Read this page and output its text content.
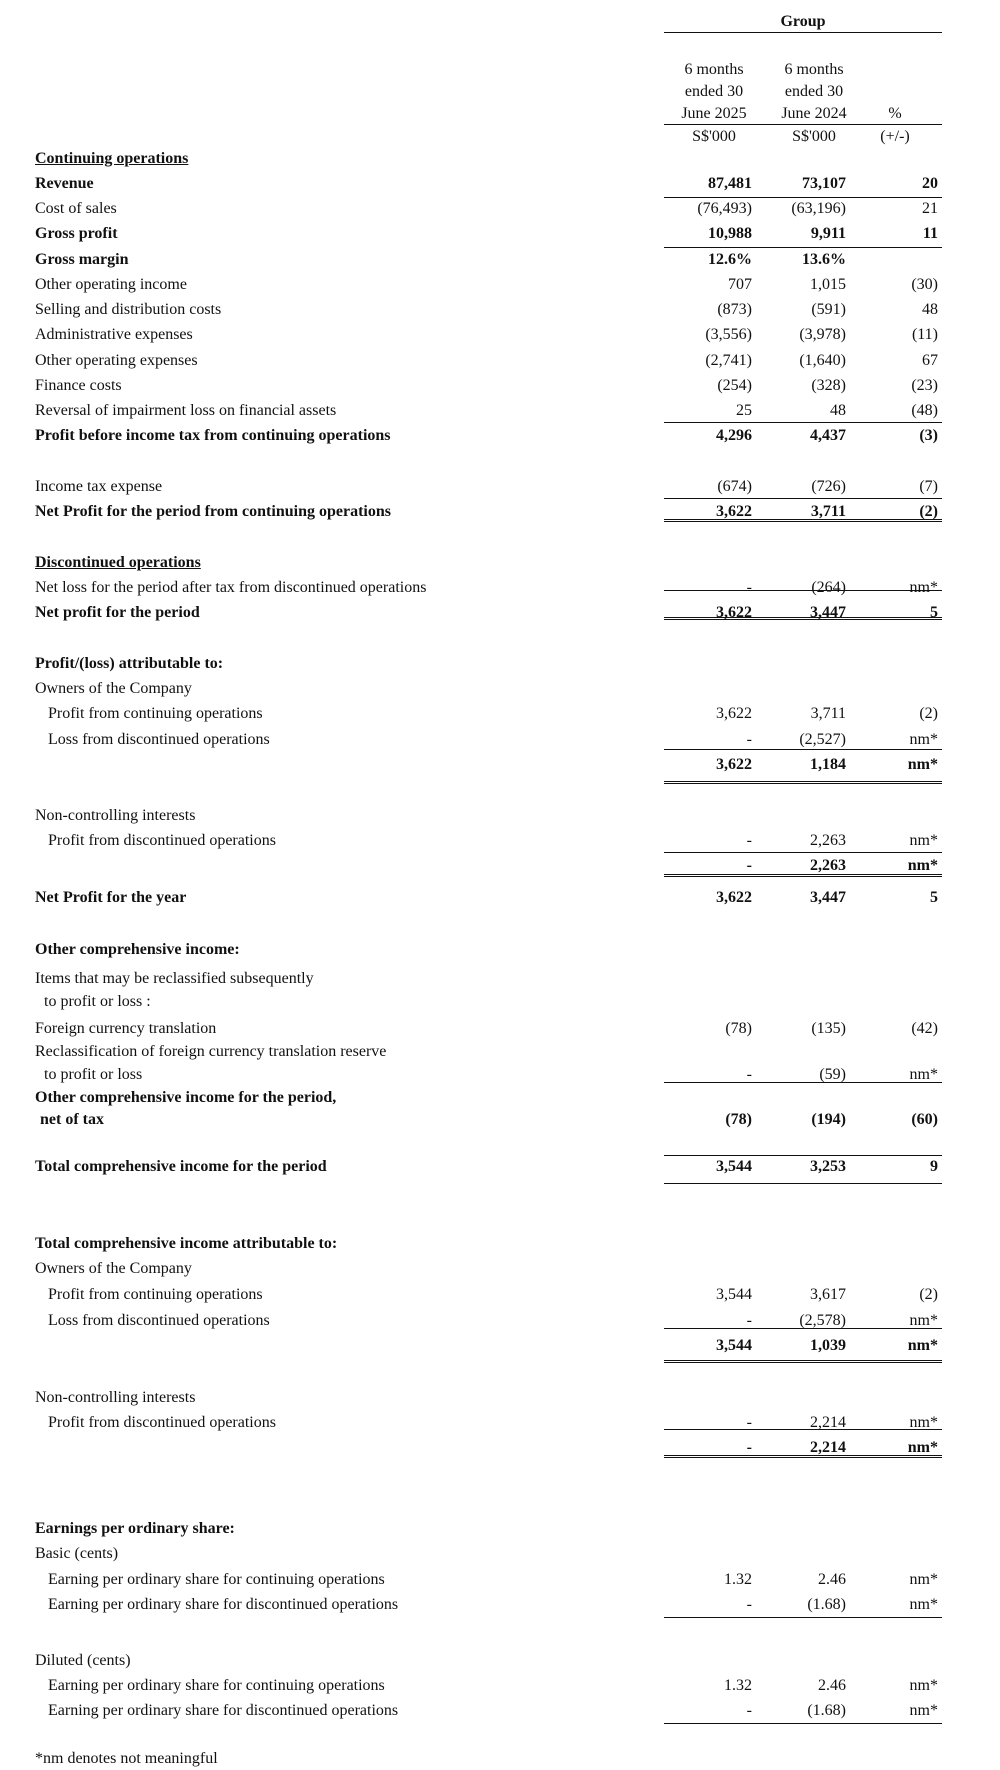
Group
6 months
ended 30
June 2025
S$'000
6 months
ended 30
June 2024
S$'000
%
(+/-)
Continuing operations
Revenue	87,481	73,107	20
Cost of sales	(76,493)	(63,196)	21
Gross profit	10,988	9,911	11
Gross margin	12.6%	13.6%
Other operating income	707	1,015	(30)
Selling and distribution costs	(873)	(591)	48
Administrative expenses	(3,556)	(3,978)	(11)
Other operating expenses	(2,741)	(1,640)	67
Finance costs	(254)	(328)	(23)
Reversal of impairment loss on financial assets	25	48	(48)
Profit before income tax from continuing operations	4,296	4,437	(3)
Income tax expense	(674)	(726)	(7)
Net Profit for the period from continuing operations	3,622	3,711	(2)
Discontinued operations
Net loss for the period after tax from discontinued operations	-	(264)	nm*
Net profit for the period	3,622	3,447	5
Profit/(loss) attributable to:
Owners of the Company
Profit from continuing operations	3,622	3,711	(2)
Loss from discontinued operations	-	(2,527)	nm*
3,622	1,184	nm*
Non-controlling interests
Profit from discontinued operations	-	2,263	nm*
-	2,263	nm*
Net Profit for the year	3,622	3,447	5
Other comprehensive income:
Items that may be reclassified subsequently
to profit or loss :
Foreign currency translation	(78)	(135)	(42)
Reclassification of foreign currency translation reserve
to profit or loss	-	(59)	nm*
Other comprehensive income for the period,
net of tax	(78)	(194)	(60)
Total comprehensive income for the period	3,544	3,253	9
Total comprehensive income attributable to:
Owners of the Company
Profit from continuing operations	3,544	3,617	(2)
Loss from discontinued operations	-	(2,578)	nm*
3,544	1,039	nm*
Non-controlling interests
Profit from discontinued operations	-	2,214	nm*
-	2,214	nm*
Earnings per ordinary share:
Basic (cents)
Earning per ordinary share for continuing operations	1.32	2.46	nm*
Earning per ordinary share for discontinued operations	-	(1.68)	nm*
Diluted (cents)
Earning per ordinary share for continuing operations	1.32	2.46	nm*
Earning per ordinary share for discontinued operations	-	(1.68)	nm*
*nm denotes not meaningful
